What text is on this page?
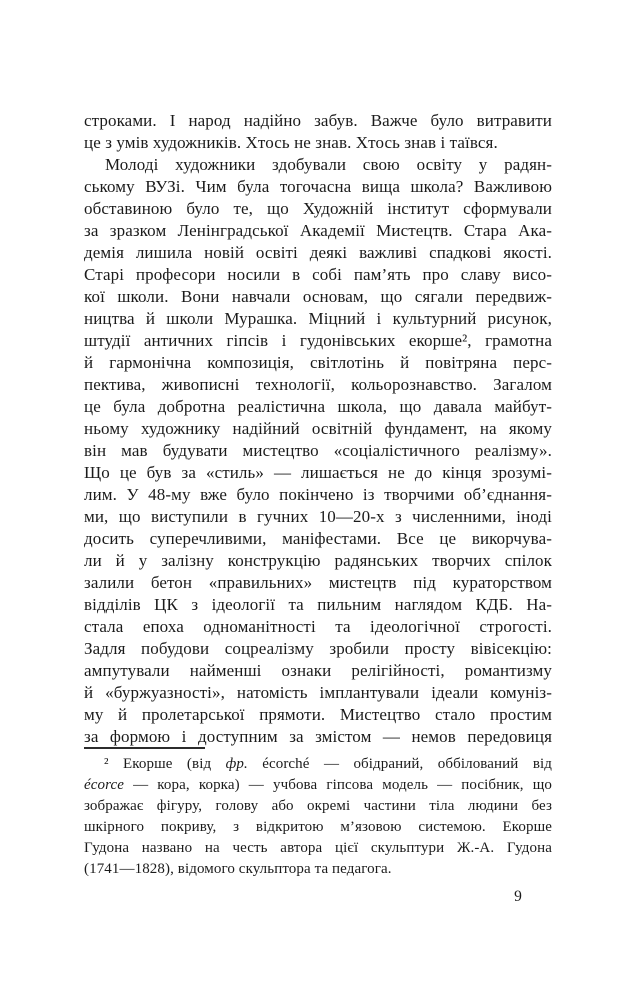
строками. І народ надійно забув. Важче було витравити
це з умів художників. Хтось не знав. Хтось знав і таївся.
Молоді художники здобували свою освіту у радян-
ському ВУЗі. Чим була тогочасна вища школа? Важливою
обставиною було те, що Художній інститут сформували
за зразком Ленінградської Академії Мистецтв. Стара Ака-
демія лишила новій освіті деякі важливі спадкові якості.
Старі професори носили в собі пам’ять про славу висо-
кої школи. Вони навчали основам, що сягали передвиж-
ництва й школи Мурашка. Міцний і культурний рисунок,
штудії античних гіпсів і гудонівських екорше², грамотна
й гармонічна композиція, світлотінь й повітряна перс-
пектива, живописні технології, кольорознавство. Загалом
це була добротна реалістична школа, що давала майбут-
ньому художнику надійний освітній фундамент, на якому
він мав будувати мистецтво «соціалістичного реалізму».
Що це був за «стиль» — лишається не до кінця зрозумі-
лим. У 48-му вже було покінчено із творчими об’єднання-
ми, що виступили в гучних 10—20-х з численними, іноді
досить суперечливими, маніфестами. Все це викорчува-
ли й у залізну конструкцію радянських творчих спілок
залили бетон «правильних» мистецтв під кураторством
відділів ЦК з ідеології та пильним наглядом КДБ. На-
стала епоха одноманітності та ідеологічної строгості.
Задля побудови соцреалізму зробили просту вівісекцію:
ампутували найменші ознаки релігійності, романтизму
й «буржуазності», натомість імплантували ідеали комуніз-
му й пролетарської прямоти. Мистецтво стало простим
за формою і доступним за змістом — немов передовиця
² Екорше (від фр. écorché — обідраний, оббілований від
écorce — кора, корка) — учбова гіпсова модель — посібник, що
зображає фігуру, голову або окремі частини тіла людини без
шкірного покриву, з відкритою м’язовою системою. Екорше
Гудона названо на честь автора цієї скульптури Ж.-А. Гудона
(1741—1828), відомого скульптора та педагога.
9
